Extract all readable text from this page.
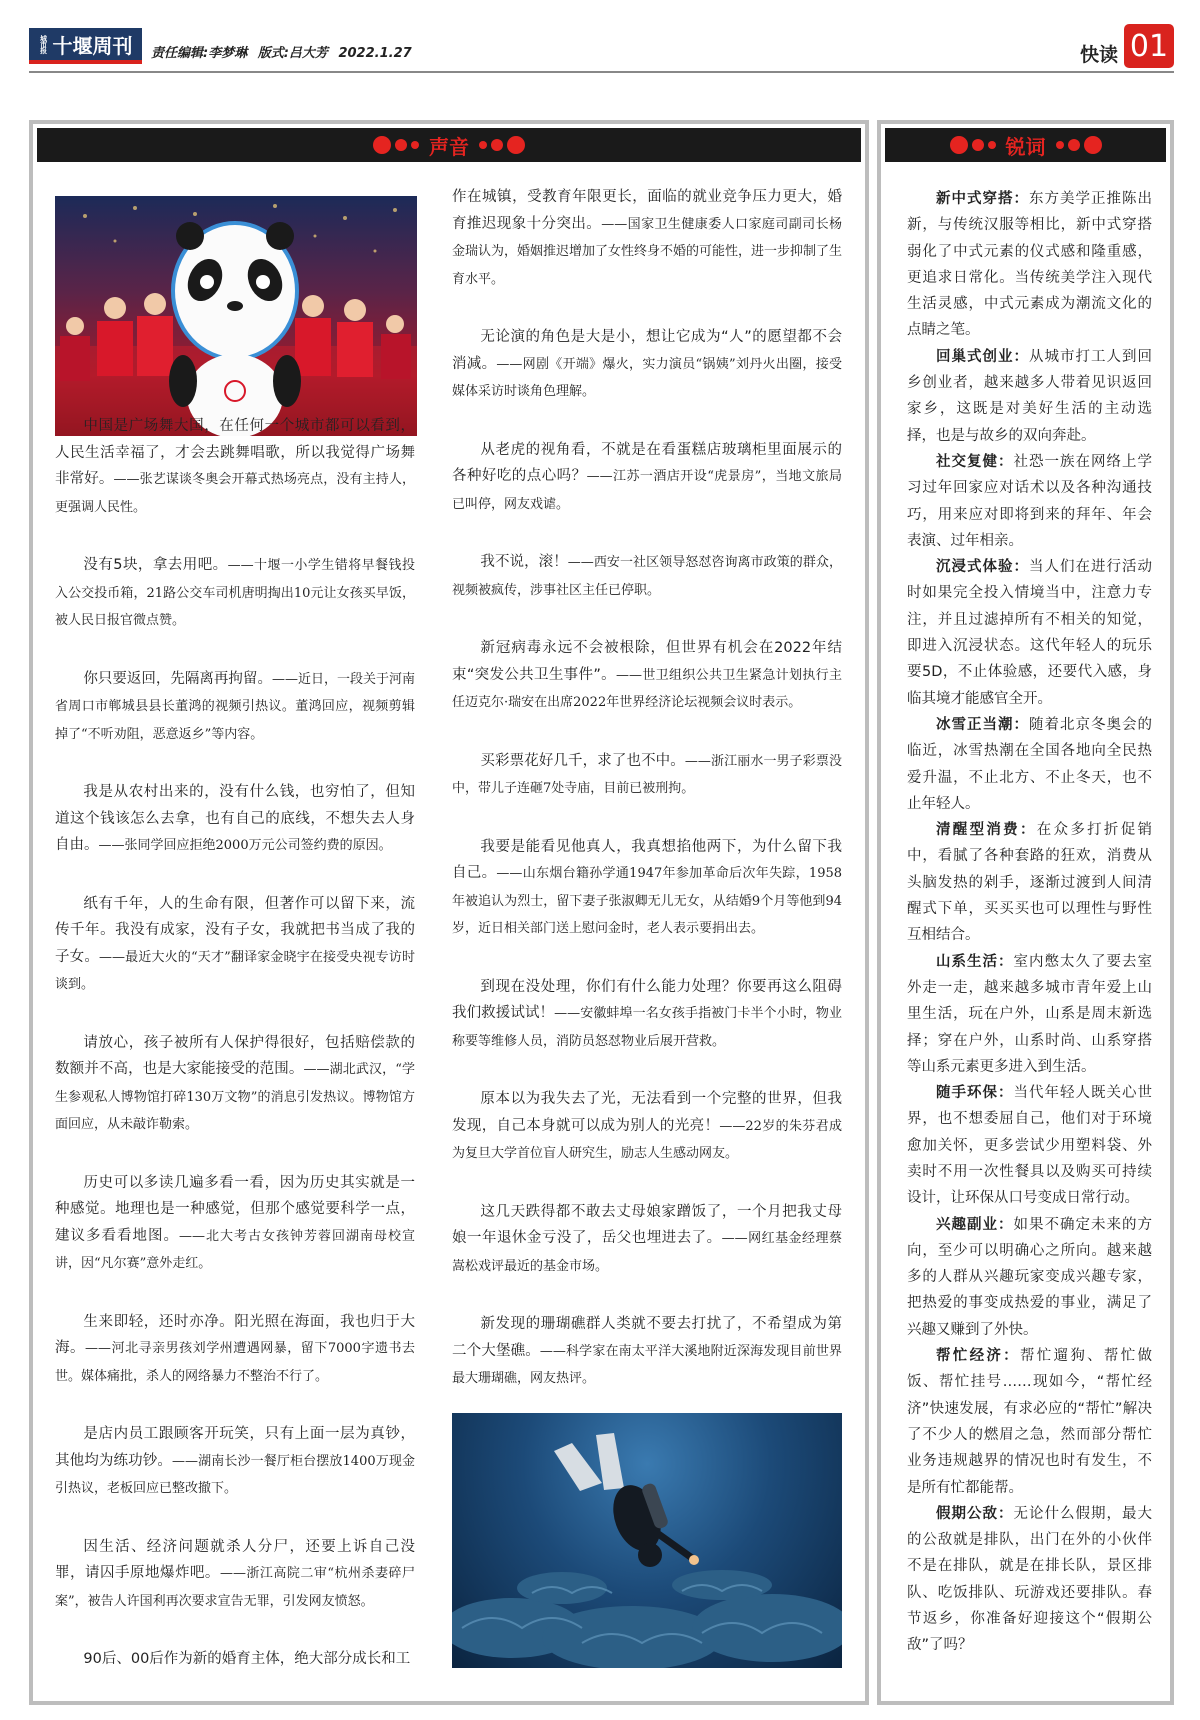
城市报 十堰周刊 责任编辑:李梦琳 版式:吕大芳 2022.1.27	快读 01
声音

中国是广场舞大国，在任何一个城市都可以看到，人民生活幸福了，才会去跳舞唱歌，所以我觉得广场舞非常好。——张艺谋谈冬奥会开幕式热场亮点，没有主持人，更强调人民性。

没有5块，拿去用吧。——十堰一小学生错将早餐钱投入公交投币箱，21路公交车司机唐明掏出10元让女孩买早饭，被人民日报官微点赞。

你只要返回，先隔离再拘留。——近日，一段关于河南省周口市郸城县县长董鸿的视频引热议。董鸿回应，视频剪辑掉了“不听劝阻，恶意返乡”等内容。

我是从农村出来的，没有什么钱，也穷怕了，但知道这个钱该怎么去拿，也有自己的底线，不想失去人身自由。——张同学回应拒绝2000万元公司签约费的原因。

纸有千年，人的生命有限，但著作可以留下来，流传千年。我没有成家，没有子女，我就把书当成了我的子女。——最近大火的“天才”翻译家金晓宇在接受央视专访时谈到。

请放心，孩子被所有人保护得很好，包括赔偿款的数额并不高，也是大家能接受的范围。——湖北武汉，“学生参观私人博物馆打碎130万文物”的消息引发热议。博物馆方面回应，从未敲诈勒索。

历史可以多读几遍多看一看，因为历史其实就是一种感觉。地理也是一种感觉，但那个感觉要科学一点，建议多看看地图。——北大考古女孩钟芳蓉回湖南母校宣讲，因“凡尔赛”意外走红。

生来即轻，还时亦净。阳光照在海面，我也归于大海。——河北寻亲男孩刘学州遭遇网暴，留下7000字遗书去世。媒体痛批，杀人的网络暴力不整治不行了。

是店内员工跟顾客开玩笑，只有上面一层为真钞，其他均为练功钞。——湖南长沙一餐厅柜台摆放1400万现金引热议，老板回应已整改撤下。

因生活、经济问题就杀人分尸，还要上诉自己没罪，请囚手原地爆炸吧。——浙江高院二审“杭州杀妻碎尸案”，被告人许国利再次要求宣告无罪，引发网友愤怒。

90后、00后作为新的婚育主体，绝大部分成长和工

作在城镇，受教育年限更长，面临的就业竞争压力更大，婚育推迟现象十分突出。——国家卫生健康委人口家庭司副司长杨金瑞认为，婚姻推迟增加了女性终身不婚的可能性，进一步抑制了生育水平。

无论演的角色是大是小，想让它成为“人”的愿望都不会消减。——网剧《开端》爆火，实力演员“锅姨”刘丹火出圈，接受媒体采访时谈角色理解。

从老虎的视角看，不就是在看蛋糕店玻璃柜里面展示的各种好吃的点心吗？——江苏一酒店开设“虎景房”，当地文旅局已叫停，网友戏谑。

我不说，滚！——西安一社区领导怒怼咨询离市政策的群众，视频被疯传，涉事社区主任已停职。

新冠病毒永远不会被根除，但世界有机会在2022年结束“突发公共卫生事件”。——世卫组织公共卫生紧急计划执行主任迈克尔·瑞安在出席2022年世界经济论坛视频会议时表示。

买彩票花好几千，求了也不中。——浙江丽水一男子彩票没中，带儿子连砸7处寺庙，目前已被刑拘。

我要是能看见他真人，我真想掐他两下，为什么留下我自己。——山东烟台籍孙学通1947年参加革命后次年失踪，1958年被追认为烈士，留下妻子张淑卿无儿无女，从结婚9个月等他到94岁，近日相关部门送上慰问金时，老人表示要捐出去。

到现在没处理，你们有什么能力处理？你要再这么阻碍我们救援试试！——安徽蚌埠一名女孩手指被门卡半个小时，物业称要等维修人员，消防员怒怼物业后展开营救。

原本以为我失去了光，无法看到一个完整的世界，但我发现，自己本身就可以成为别人的光亮！——22岁的朱芬君成为复旦大学首位盲人研究生，励志人生感动网友。

这几天跌得都不敢去丈母娘家蹭饭了，一个月把我丈母娘一年退休金亏没了，岳父也埋进去了。——网红基金经理蔡嵩松戏评最近的基金市场。

新发现的珊瑚礁群人类就不要去打扰了，不希望成为第二个大堡礁。——科学家在南太平洋大溪地附近深海发现目前世界最大珊瑚礁，网友热评。

锐词

新中式穿搭：东方美学正推陈出新，与传统汉服等相比，新中式穿搭弱化了中式元素的仪式感和隆重感，更追求日常化。当传统美学注入现代生活灵感，中式元素成为潮流文化的点睛之笔。

回巢式创业：从城市打工人到回乡创业者，越来越多人带着见识返回家乡，这既是对美好生活的主动选择，也是与故乡的双向奔赴。

社交复健：社恐一族在网络上学习过年回家应对话术以及各种沟通技巧，用来应对即将到来的拜年、年会表演、过年相亲。

沉浸式体验：当人们在进行活动时如果完全投入情境当中，注意力专注，并且过滤掉所有不相关的知觉，即进入沉浸状态。这代年轻人的玩乐要5D，不止体验感，还要代入感，身临其境才能感官全开。

冰雪正当潮：随着北京冬奥会的临近，冰雪热潮在全国各地向全民热爱升温，不止北方、不止冬天，也不止年轻人。

清醒型消费：在众多打折促销中，看腻了各种套路的狂欢，消费从头脑发热的剁手，逐渐过渡到人间清醒式下单，买买买也可以理性与野性互相结合。

山系生活：室内憋太久了要去室外走一走，越来越多城市青年爱上山里生活，玩在户外，山系是周末新选择；穿在户外，山系时尚、山系穿搭等山系元素更多进入到生活。

随手环保：当代年轻人既关心世界，也不想委屈自己，他们对于环境愈加关怀，更多尝试少用塑料袋、外卖时不用一次性餐具以及购买可持续设计，让环保从口号变成日常行动。

兴趣副业：如果不确定未来的方向，至少可以明确心之所向。越来越多的人群从兴趣玩家变成兴趣专家，把热爱的事变成热爱的事业，满足了兴趣又赚到了外快。

帮忙经济：帮忙遛狗、帮忙做饭、帮忙挂号……现如今，“帮忙经济”快速发展，有求必应的“帮忙”解决了不少人的燃眉之急，然而部分帮忙业务违规越界的情况也时有发生，不是所有忙都能帮。

假期公敌：无论什么假期，最大的公敌就是排队，出门在外的小伙伴不是在排队，就是在排长队，景区排队、吃饭排队、玩游戏还要排队。春节返乡，你准备好迎接这个“假期公敌”了吗？
